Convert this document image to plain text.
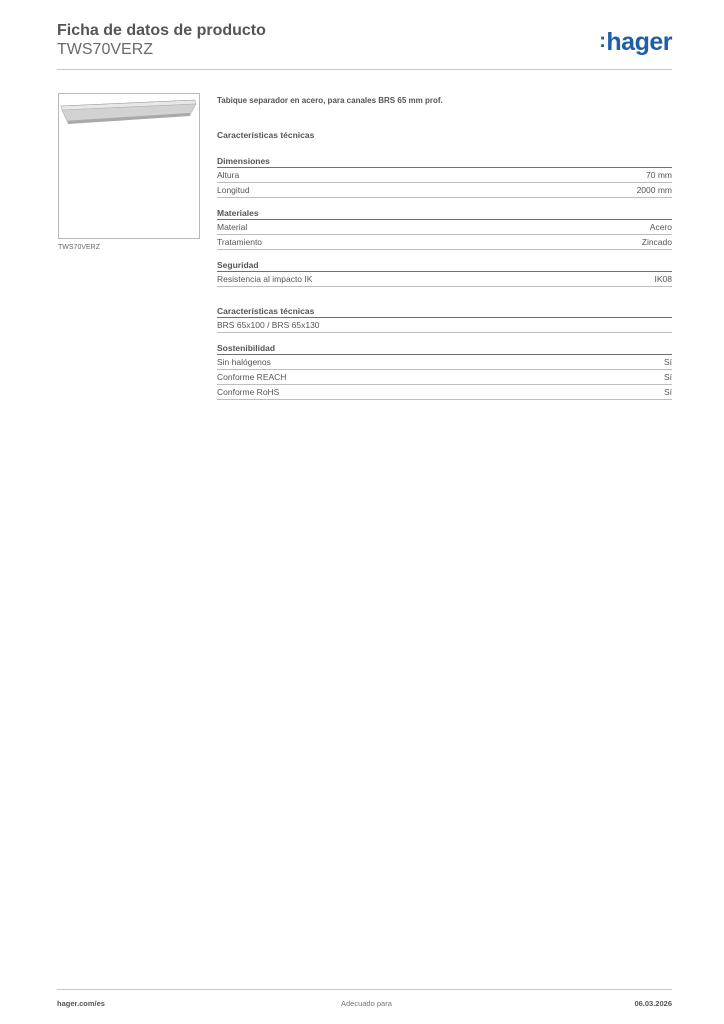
Ficha de datos de producto
TWS70VERZ	:hager
TWS70VERZ
Tabique separador en acero, para canales BRS 65 mm prof.
Características técnicas
Dimensiones
Altura	70 mm
Longitud	2000 mm
Materiales
Material	Acero
Tratamiento	Zincado
Seguridad
Resistencia al impacto IK	IK08
Características técnicas
BRS 65x100 / BRS 65x130
Sostenibilidad
Sin halógenos	Sí
Conforme REACH	Sí
Conforme RoHS	Sí
hager.com/es	Adecuado para	06.03.2026
